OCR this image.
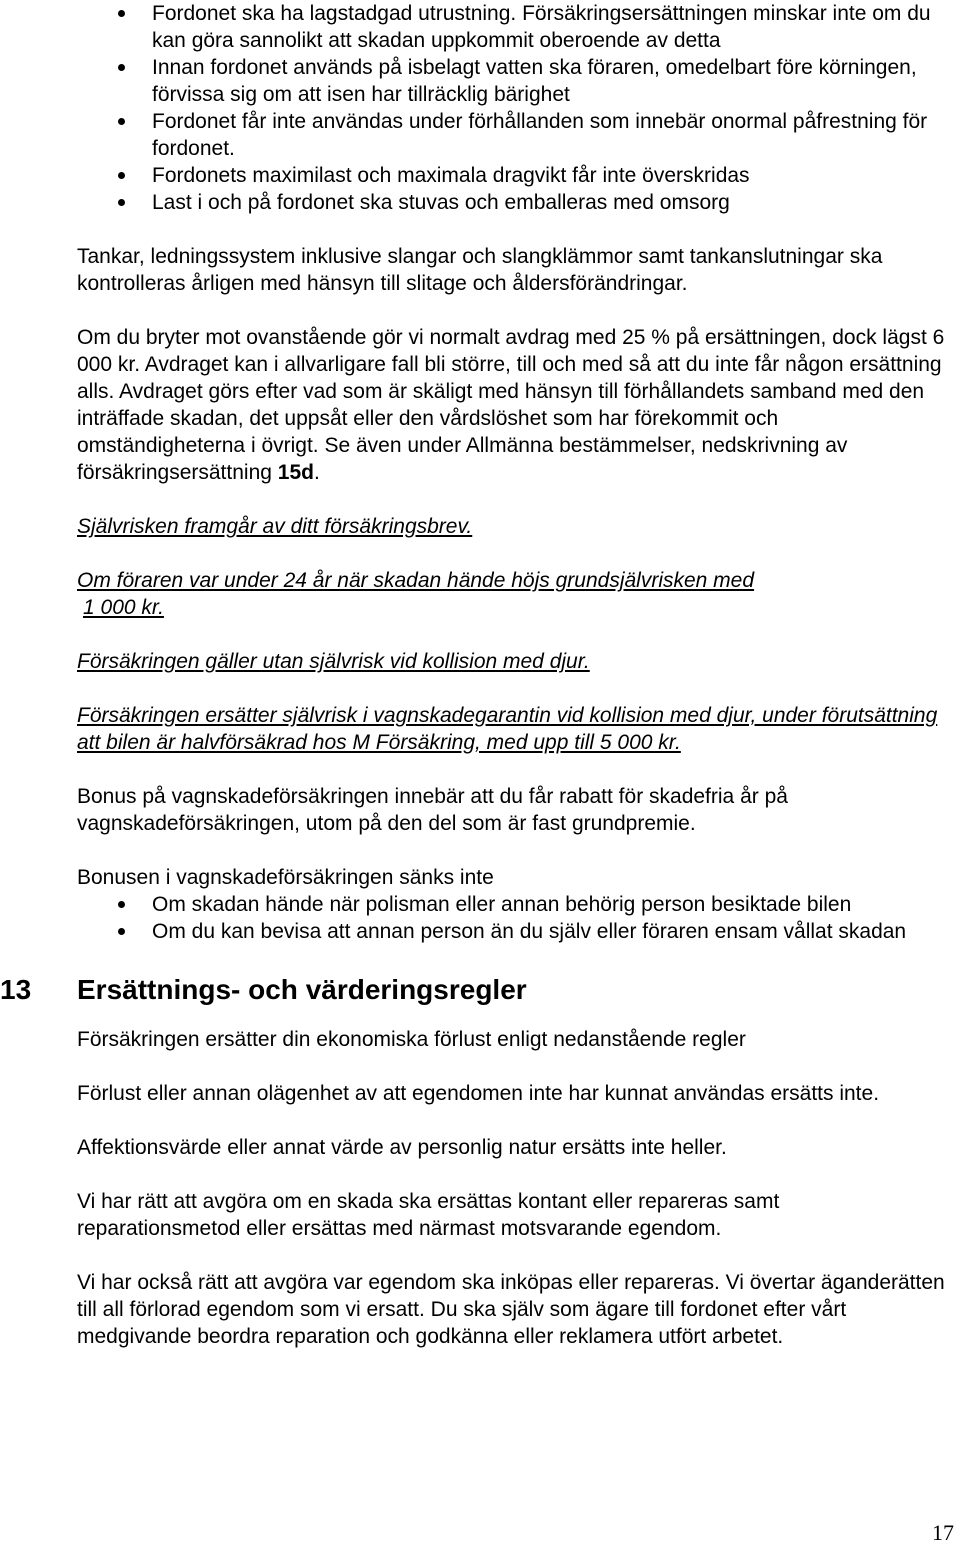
Fordonet ska ha lagstadgad utrustning. Försäkringsersättningen minskar inte om du kan göra sannolikt att skadan uppkommit oberoende av detta
Innan fordonet används på isbelagt vatten ska föraren, omedelbart före körningen, förvissa sig om att isen har tillräcklig bärighet
Fordonet får inte användas under förhållanden som innebär onormal påfrestning för fordonet.
Fordonets maximilast och maximala dragvikt får inte överskridas
Last i och på fordonet ska stuvas och emballeras med omsorg

Tankar, ledningssystem inklusive slangar och slangklämmor samt tankanslutningar ska kontrolleras årligen med hänsyn till slitage och åldersförändringar.

Om du bryter mot ovanstående gör vi normalt avdrag med 25 % på ersättningen, dock lägst 6 000 kr. Avdraget kan i allvarligare fall bli större, till och med så att du inte får någon ersättning alls. Avdraget görs efter vad som är skäligt med hänsyn till förhållandets samband med den inträffade skadan, det uppsåt eller den vårdslöshet som har förekommit och omständigheterna i övrigt. Se även under Allmänna bestämmelser, nedskrivning av försäkringsersättning 15d.

Självrisken framgår av ditt försäkringsbrev.

Om föraren var under 24 år när skadan hände höjs grundsjälvrisken med
1 000 kr.

Försäkringen gäller utan självrisk vid kollision med djur.

Försäkringen ersätter självrisk i vagnskadegarantin vid kollision med djur, under förutsättning att bilen är halvförsäkrad hos M Försäkring, med upp till 5 000 kr.

Bonus på vagnskadeförsäkringen innebär att du får rabatt för skadefria år på vagnskadeförsäkringen, utom på den del som är fast grundpremie.

Bonusen i vagnskadeförsäkringen sänks inte

Om skadan hände när polisman eller annan behörig person besiktade bilen
Om du kan bevisa att annan person än du själv eller föraren ensam vållat skadan
13 Ersättnings- och värderingsregler

Försäkringen ersätter din ekonomiska förlust enligt nedanstående regler

Förlust eller annan olägenhet av att egendomen inte har kunnat användas ersätts inte.

Affektionsvärde eller annat värde av personlig natur ersätts inte heller.

Vi har rätt att avgöra om en skada ska ersättas kontant eller repareras samt reparationsmetod eller ersättas med närmast motsvarande egendom.

Vi har också rätt att avgöra var egendom ska inköpas eller repareras. Vi övertar äganderätten till all förlorad egendom som vi ersatt. Du ska själv som ägare till fordonet efter vårt medgivande beordra reparation och godkänna eller reklamera utfört arbetet.

17
